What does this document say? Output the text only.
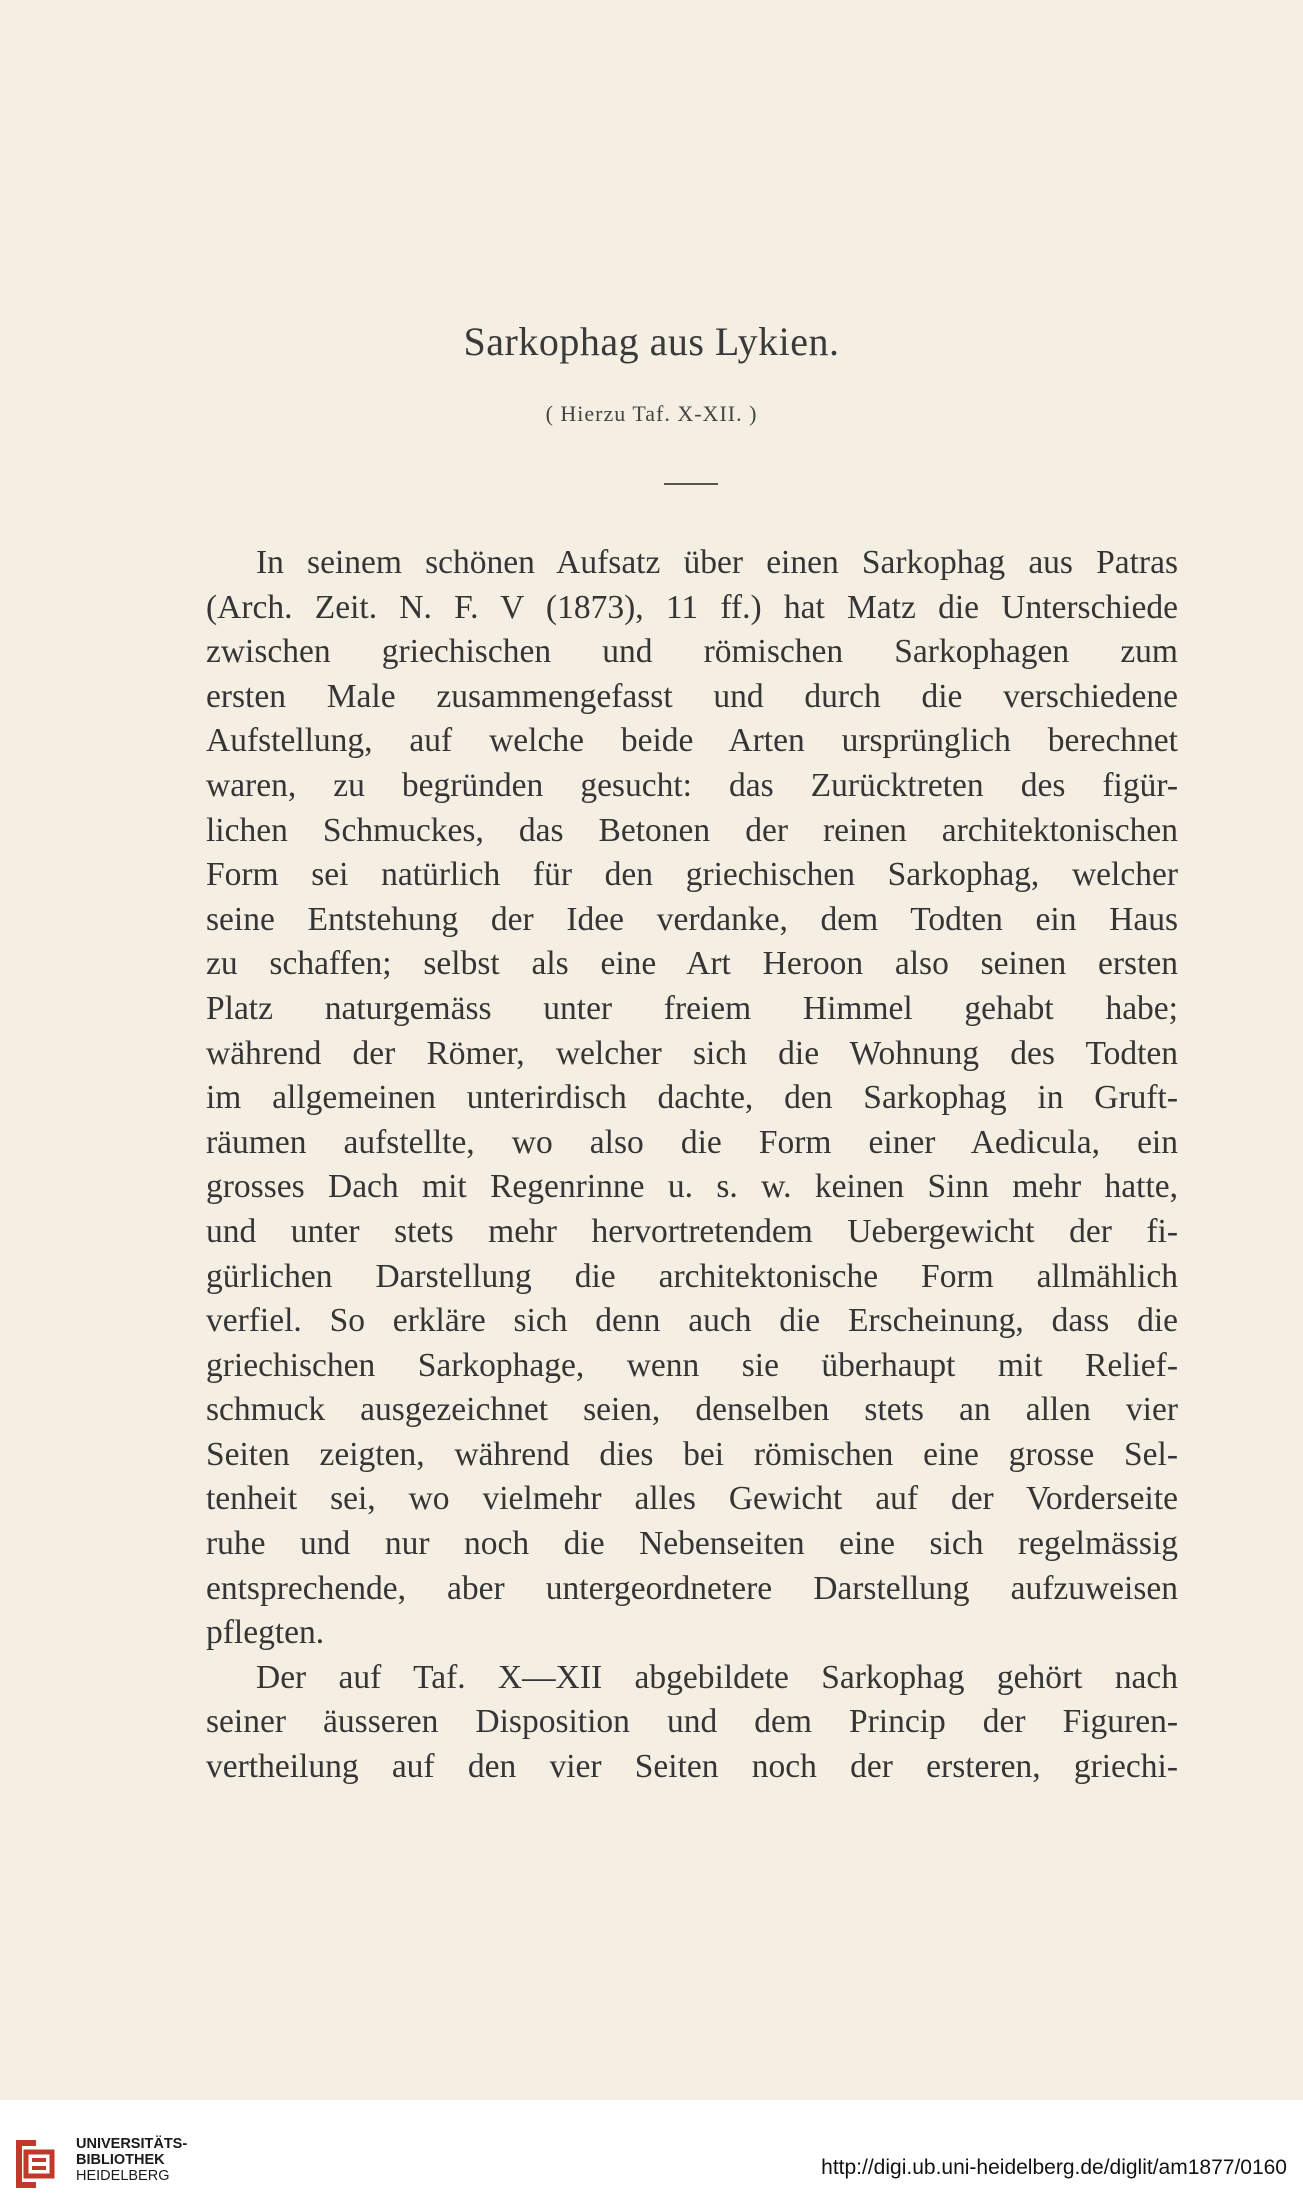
Sarkophag aus Lykien.
( Hierzu Taf. X-XII. )
In seinem schönen Aufsatz über einen Sarkophag aus Patras
(Arch. Zeit. N. F. V (1873), 11 ff.) hat Matz die Unterschiede
zwischen griechischen und römischen Sarkophagen zum
ersten Male zusammengefasst und durch die verschiedene
Aufstellung, auf welche beide Arten ursprünglich berechnet
waren, zu begründen gesucht: das Zurücktreten des figür-
lichen Schmuckes, das Betonen der reinen architektonischen
Form sei natürlich für den griechischen Sarkophag, welcher
seine Entstehung der Idee verdanke, dem Todten ein Haus
zu schaffen; selbst als eine Art Heroon also seinen ersten
Platz naturgemäss unter freiem Himmel gehabt habe;
während der Römer, welcher sich die Wohnung des Todten
im allgemeinen unterirdisch dachte, den Sarkophag in Gruft-
räumen aufstellte, wo also die Form einer Aedicula, ein
grosses Dach mit Regenrinne u. s. w. keinen Sinn mehr hatte,
und unter stets mehr hervortretendem Uebergewicht der fi-
gürlichen Darstellung die architektonische Form allmählich
verfiel. So erkläre sich denn auch die Erscheinung, dass die
griechischen Sarkophage, wenn sie überhaupt mit Relief-
schmuck ausgezeichnet seien, denselben stets an allen vier
Seiten zeigten, während dies bei römischen eine grosse Sel-
tenheit sei, wo vielmehr alles Gewicht auf der Vorderseite
ruhe und nur noch die Nebenseiten eine sich regelmässig
entsprechende, aber untergeordnetere Darstellung aufzuweisen
pflegten.
Der auf Taf. X—XII abgebildete Sarkophag gehört nach
seiner äusseren Disposition und dem Princip der Figuren-
vertheilung auf den vier Seiten noch der ersteren, griechi-
UNIVERSITÄTS-
BIBLIOTHEK
HEIDELBERG	http://digi.ub.uni-heidelberg.de/diglit/am1877/0160
